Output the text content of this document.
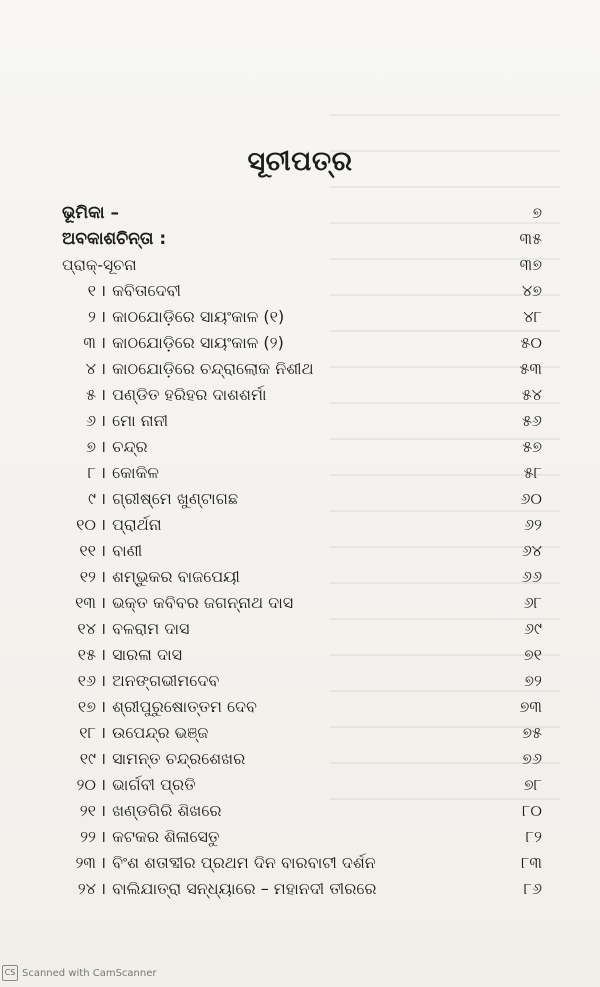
ସୂଚୀପତ୍ର
ଭୂମିକା –	୭
ଅବକାଶଚିନ୍ତା :	୩୫
ପ୍ରାକ୍-ସୂଚନା	୩୭
୧ । କବିତାଦେବୀ	୪୭
୨ । କାଠଯୋଡ଼ିରେ ସାୟଂକାଳ (୧)	୪୮
୩ । କାଠଯୋଡ଼ିରେ ସାୟଂକାଳ (୨)	୫୦
୪ । କାଠଯୋଡ଼ିରେ ଚନ୍ଦ୍ରାଲୋକ ନିଶୀଥ	୫୩
୫ । ପଣ୍ଡିତ ହରିହର ଦାଶଶର୍ମା	୫୪
୬ । ମୋ ନାନୀ	୫୬
୭ । ଚନ୍ଦ୍ର	୫୭
୮ । କୋକିଳ	୫୮
୯ । ଗ୍ରୀଷ୍ମେ ଖୁଣ୍ଟାଗଛ	୬୦
୧୦ । ପ୍ରାର୍ଥନା	୬୨
୧୧ । ବାଣୀ	୬୪
୧୨ । ଶମ୍ଭୁକର ବାଜପେୟୀ	୬୬
୧୩ । ଭକ୍ତ କବିବର ଜଗନ୍ନାଥ ଦାସ	୬୮
୧୪ । ବଳରାମ ଦାସ	୬୯
୧୫ । ସାରଳା ଦାସ	୭୧
୧୬ । ଅନଙ୍ଗଭୀମଦେବ	୭୨
୧୭ । ଶ୍ରୀପୁରୁଷୋତ୍ତମ ଦେବ	୭୩
୧୮ । ଉପେନ୍ଦ୍ର ଭଞ୍ଜ	୭୫
୧୯ । ସାମନ୍ତ ଚନ୍ଦ୍ରଶେଖର	୭୬
୨୦ । ଭାର୍ଗବୀ ପ୍ରତି	୭୮
୨୧ । ଖଣ୍ଡଗିରି ଶିଖରେ	୮୦
୨୨ । କଟକର ଶିଳାସେତୁ	୮୨
୨୩ । ବିଂଶ ଶତାବ୍ଦୀର ପ୍ରଥମ ଦିନ ବାରବାଟୀ ଦର୍ଶନ	୮୩
୨୪ । ବାଲିଯାତ୍ରା ସନ୍ଧ୍ୟାରେ – ମହାନଦୀ ତୀରରେ	୮୬
CS Scanned with CamScanner
